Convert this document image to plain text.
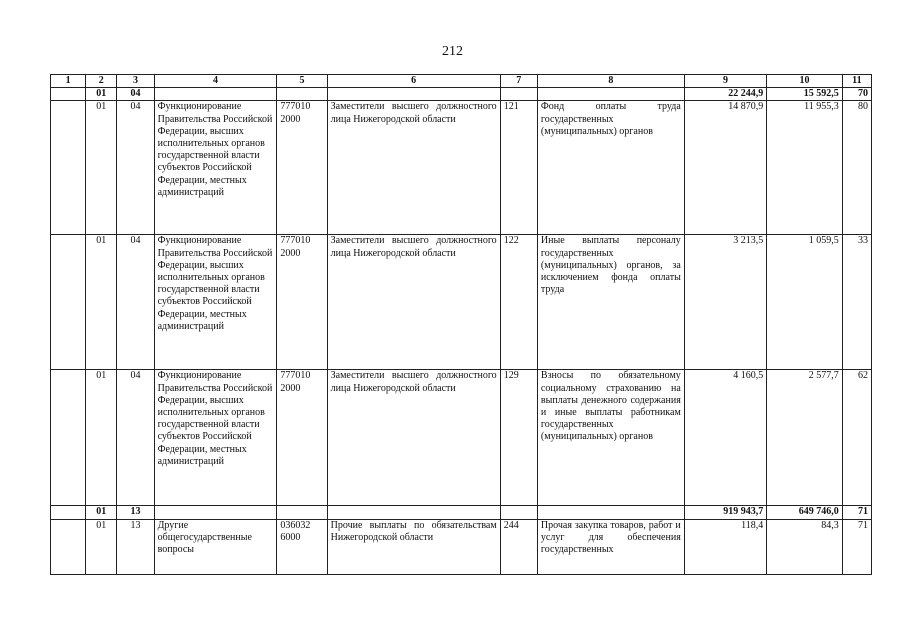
212
1	2	3	4	5	6	7	8	9	10	11
	01	04						22 244,9	15 592,5	70
	01	04	Функционирование Правительства Российской Федерации, высших исполнительных органов государственной власти субъектов Российской Федерации, местных администраций	777010 2000	Заместители высшего должностного лица Нижегородской области	121	Фонд оплаты труда государственных (муниципальных) органов	14 870,9	11 955,3	80
	01	04	Функционирование Правительства Российской Федерации, высших исполнительных органов государственной власти субъектов Российской Федерации, местных администраций	777010 2000	Заместители высшего должностного лица Нижегородской области	122	Иные выплаты персоналу государственных (муниципальных) органов, за исключением фонда оплаты труда	3 213,5	1 059,5	33
	01	04	Функционирование Правительства Российской Федерации, высших исполнительных органов государственной власти субъектов Российской Федерации, местных администраций	777010 2000	Заместители высшего должностного лица Нижегородской области	129	Взносы по обязательному социальному страхованию на выплаты денежного содержания и иные выплаты работникам государственных (муниципальных) органов	4 160,5	2 577,7	62
	01	13						919 943,7	649 746,0	71
	01	13	Другие общегосударственные вопросы	036032 6000	Прочие выплаты по обязательствам Нижегородской области	244	Прочая закупка товаров, работ и услуг для обеспечения государственных	118,4	84,3	71
